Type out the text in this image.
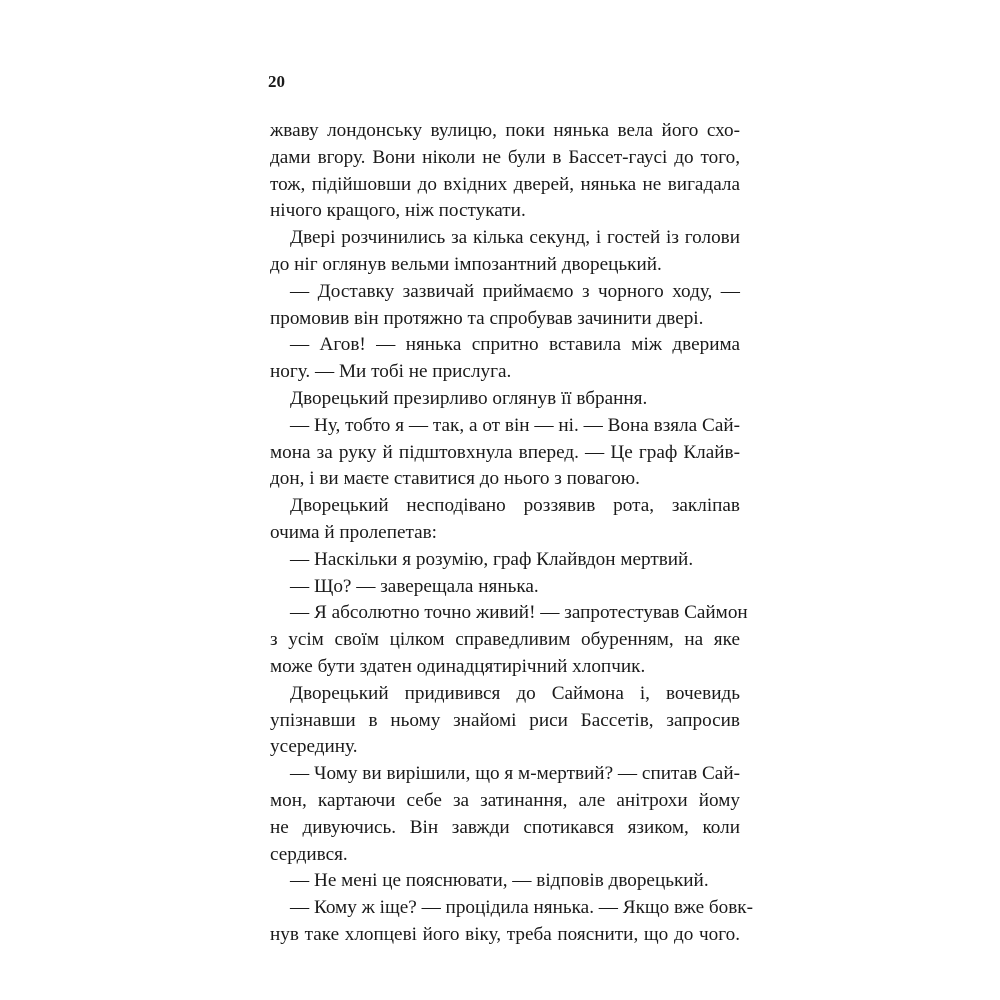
20
жваву лондонську вулицю, поки нянька вела його схо-
дами вгору. Вони ніколи не були в Бассет-гаусі до того,
тож, підійшовши до вхідних дверей, нянька не вигадала
нічого кращого, ніж постукати.
Двері розчинились за кілька секунд, і гостей із голови
до ніг оглянув вельми імпозантний дворецький.
— Доставку зазвичай приймаємо з чорного ходу, —
промовив він протяжно та спробував зачинити двері.
— Агов! — нянька спритно вставила між дверима
ногу. — Ми тобі не прислуга.
Дворецький презирливо оглянув її вбрання.
— Ну, тобто я — так, а от він — ні. — Вона взяла Сай-
мона за руку й підштовхнула вперед. — Це граф Клайв-
дон, і ви маєте ставитися до нього з повагою.
Дворецький несподівано роззявив рота, закліпав
очима й пролепетав:
— Наскільки я розумію, граф Клайвдон мертвий.
— Що? — заверещала нянька.
— Я абсолютно точно живий! — запротестував Саймон
з усім своїм цілком справедливим обуренням, на яке
може бути здатен одинадцятирічний хлопчик.
Дворецький придивився до Саймона і, вочевидь
упізнавши в ньому знайомі риси Бассетів, запросив
усередину.
— Чому ви вирішили, що я м-мертвий? — спитав Сай-
мон, картаючи себе за затинання, але анітрохи йому
не дивуючись. Він завжди спотикався язиком, коли
сердився.
— Не мені це пояснювати, — відповів дворецький.
— Кому ж іще? — процідила нянька. — Якщо вже бовк-
нув таке хлопцеві його віку, треба пояснити, що до чого.
